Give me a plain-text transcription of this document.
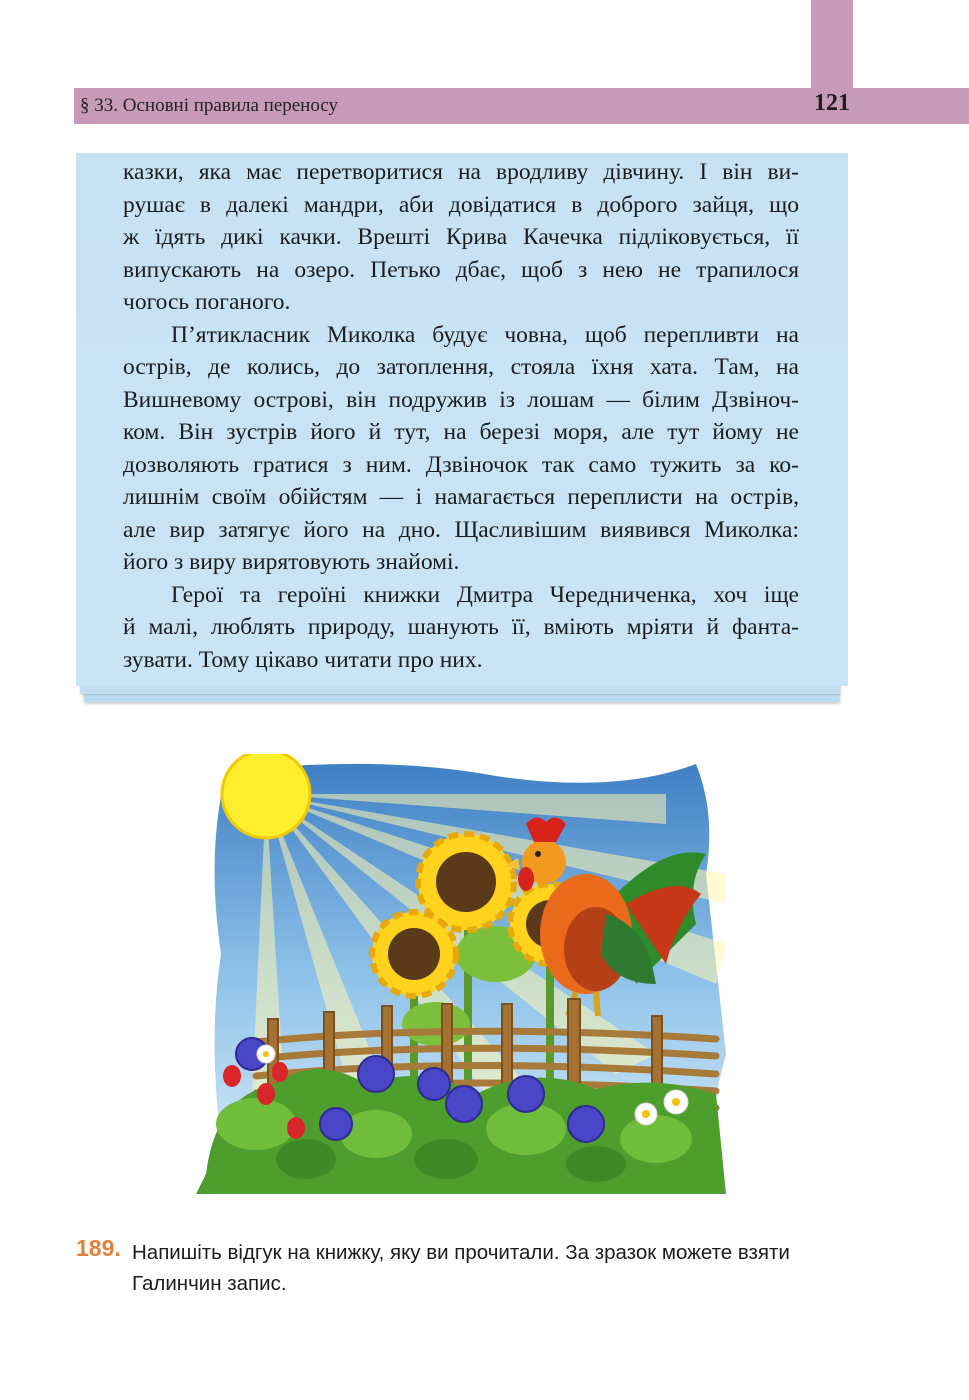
§ 33. Основні правила переносу	121
казки, яка має перетворитися на вродливу дівчину. І він ви-
рушає в далекі мандри, аби довідатися в доброго зайця, що
ж їдять дикі качки. Врешті Крива Качечка підліковується, її
випускають на озеро. Петько дбає, щоб з нею не трапилося
чогось поганого.
П’ятикласник Миколка будує човна, щоб перепливти на
острів, де колись, до затоплення, стояла їхня хата. Там, на
Вишневому острові, він подружив із лошам — білим Дзвіноч-
ком. Він зустрів його й тут, на березі моря, але тут йому не
дозволяють гратися з ним. Дзвіночок так само тужить за ко-
лишнім своїм обійстям — і намагається переплисти на острів,
але вир затягує його на дно. Щасливішим виявився Миколка:
його з виру вирятовують знайомі.
Герої та героїні книжки Дмитра Чередниченка, хоч іще
й малі, люблять природу, шанують її, вміють мріяти й фанта-
зувати. Тому цікаво читати про них.
189. Напишіть відгук на книжку, яку ви прочитали. За зразок можете взяти
Галинчин запис.
